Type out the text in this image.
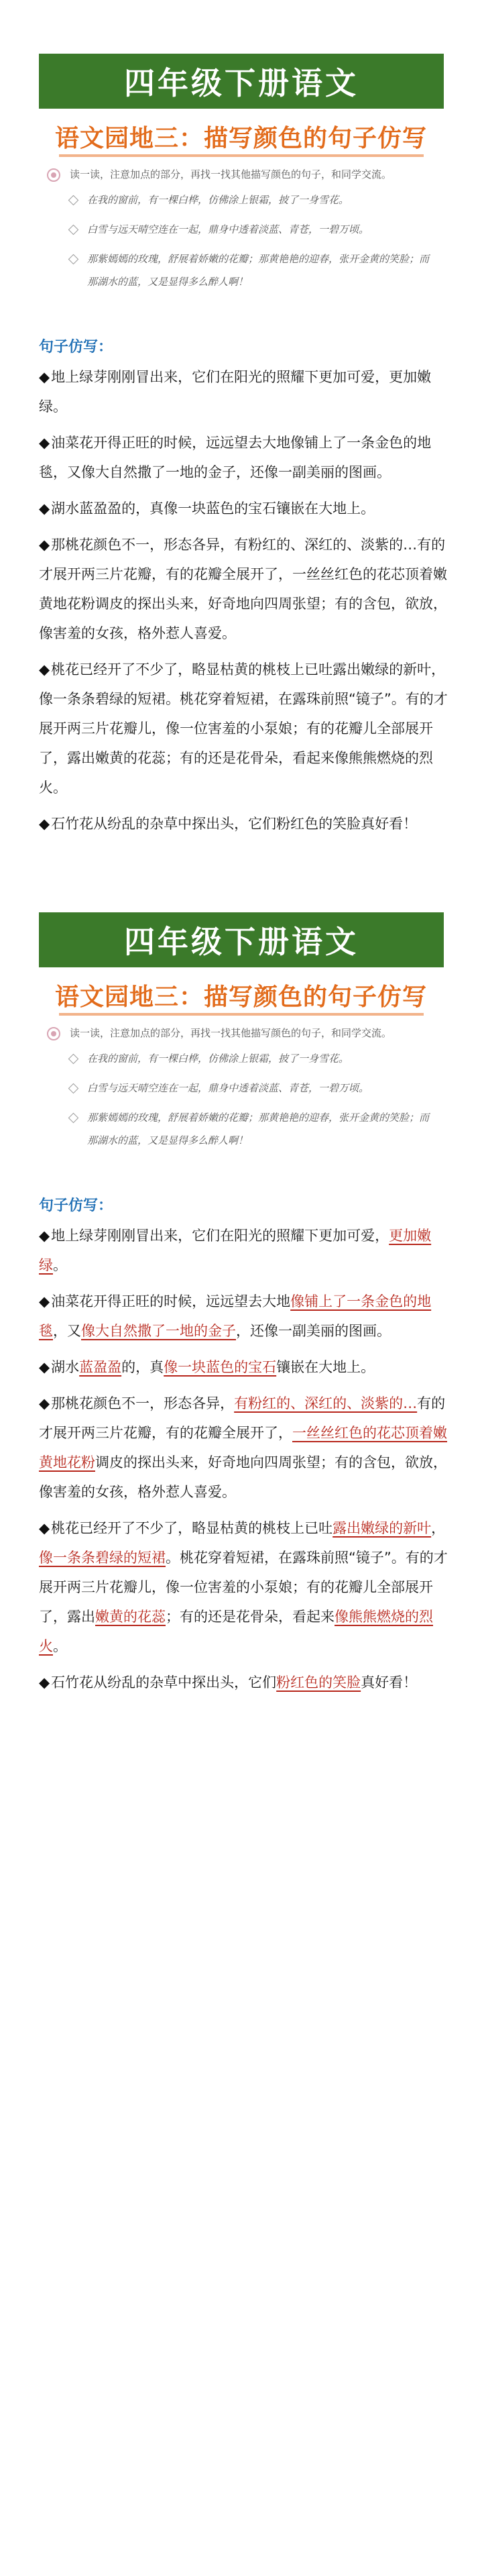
四年级下册语文
语文园地三：描写颜色的句子仿写
读一读，注意加点的部分，再找一找其他描写颜色的句子，和同学交流。
在我的窗前，有一棵白桦，仿佛涂上银霜，披了一身雪花。
白雪与远天晴空连在一起，鼎身中透着淡蓝、青苍，一碧万顷。
那紫嫣嫣的玫瑰，舒展着娇嫩的花瓣；那黄艳艳的迎春，张开金黄的笑脸；而那湖水的蓝，又是显得多么醉人啊！
句子仿写：

◆地上绿芽刚刚冒出来，它们在阳光的照耀下更加可爱，更加嫩绿。

◆油菜花开得正旺的时候，远远望去大地像铺上了一条金色的地毯，又像大自然撒了一地的金子，还像一副美丽的图画。

◆湖水蓝盈盈的，真像一块蓝色的宝石镶嵌在大地上。

◆那桃花颜色不一，形态各异，有粉红的、深红的、淡紫的…有的才展开两三片花瓣，有的花瓣全展开了，一丝丝红色的花芯顶着嫩黄地花粉调皮的探出头来，好奇地向四周张望；有的含包，欲放，像害羞的女孩，格外惹人喜爱。

◆桃花已经开了不少了，略显枯黄的桃枝上已吐露出嫩绿的新叶，像一条条碧绿的短裙。桃花穿着短裙，在露珠前照“镜子”。有的才展开两三片花瓣儿，像一位害羞的小泵娘；有的花瓣儿全部展开了，露出嫩黄的花蕊；有的还是花骨朵，看起来像熊熊燃烧的烈火。

◆石竹花从纷乱的杂草中探出头，它们粉红色的笑脸真好看！

四年级下册语文
语文园地三：描写颜色的句子仿写
读一读，注意加点的部分，再找一找其他描写颜色的句子，和同学交流。
在我的窗前，有一棵白桦，仿佛涂上银霜，披了一身雪花。
白雪与远天晴空连在一起，鼎身中透着淡蓝、青苍，一碧万顷。
那紫嫣嫣的玫瑰，舒展着娇嫩的花瓣；那黄艳艳的迎春，张开金黄的笑脸；而那湖水的蓝，又是显得多么醉人啊！
句子仿写：

◆地上绿芽刚刚冒出来，它们在阳光的照耀下更加可爱，更加嫩绿。

◆油菜花开得正旺的时候，远远望去大地像铺上了一条金色的地毯，又像大自然撒了一地的金子，还像一副美丽的图画。

◆湖水蓝盈盈的，真像一块蓝色的宝石镶嵌在大地上。

◆那桃花颜色不一，形态各异，有粉红的、深红的、淡紫的…有的才展开两三片花瓣，有的花瓣全展开了，一丝丝红色的花芯顶着嫩黄地花粉调皮的探出头来，好奇地向四周张望；有的含包，欲放，像害羞的女孩，格外惹人喜爱。

◆桃花已经开了不少了，略显枯黄的桃枝上已吐露出嫩绿的新叶，像一条条碧绿的短裙。桃花穿着短裙，在露珠前照“镜子”。有的才展开两三片花瓣儿，像一位害羞的小泵娘；有的花瓣儿全部展开了，露出嫩黄的花蕊；有的还是花骨朵，看起来像熊熊燃烧的烈火。

◆石竹花从纷乱的杂草中探出头，它们粉红色的笑脸真好看！
